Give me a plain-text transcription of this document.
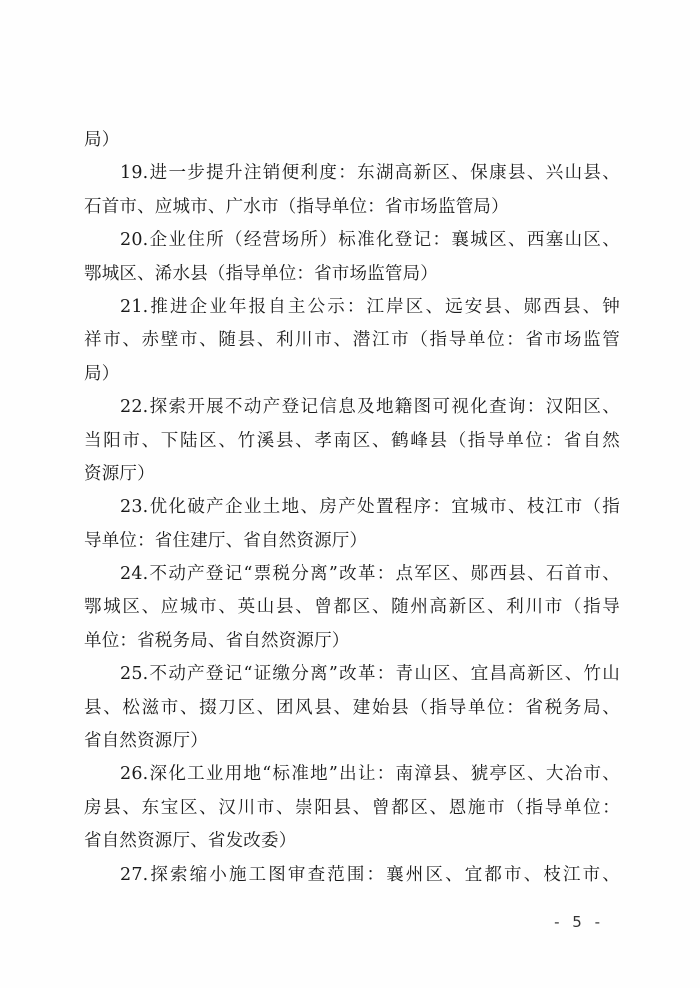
局）
19.进一步提升注销便利度：东湖高新区、保康县、兴山县、
石首市、应城市、广水市（指导单位：省市场监管局）
20.企业住所（经营场所）标准化登记：襄城区、西塞山区、
鄂城区、浠水县（指导单位：省市场监管局）
21.推进企业年报自主公示：江岸区、远安县、郧西县、钟
祥市、赤壁市、随县、利川市、潜江市（指导单位：省市场监管
局）
22.探索开展不动产登记信息及地籍图可视化查询：汉阳区、
当阳市、下陆区、竹溪县、孝南区、鹤峰县（指导单位：省自然
资源厅）
23.优化破产企业土地、房产处置程序：宜城市、枝江市（指
导单位：省住建厅、省自然资源厅）
24.不动产登记“票税分离”改革：点军区、郧西县、石首市、
鄂城区、应城市、英山县、曾都区、随州高新区、利川市（指导
单位：省税务局、省自然资源厅）
25.不动产登记“证缴分离”改革：青山区、宜昌高新区、竹山
县、松滋市、掇刀区、团风县、建始县（指导单位：省税务局、
省自然资源厅）
26.深化工业用地“标准地”出让：南漳县、猇亭区、大冶市、
房县、东宝区、汉川市、崇阳县、曾都区、恩施市（指导单位：
省自然资源厅、省发改委）
27.探索缩小施工图审查范围：襄州区、宜都市、枝江市、
- 5 -
